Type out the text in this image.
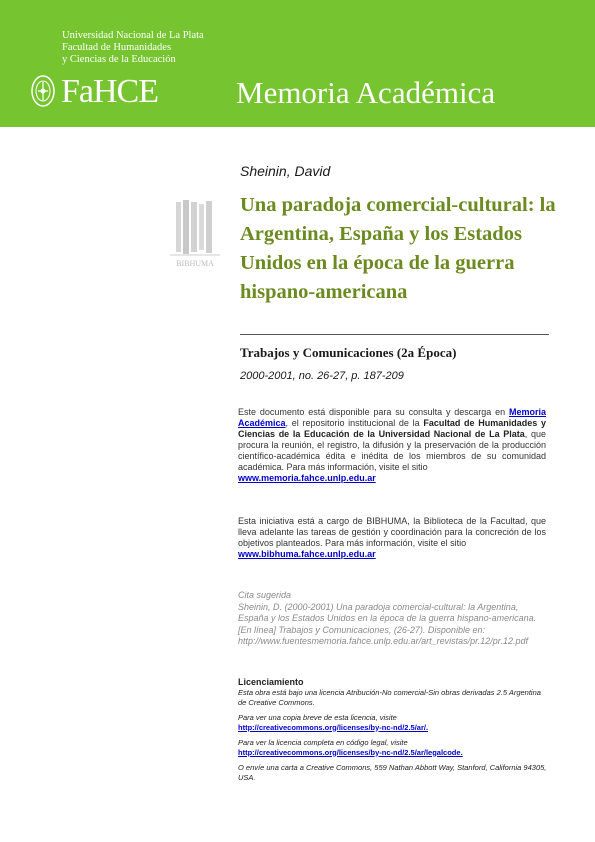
Universidad Nacional de La Plata
Facultad de Humanidades
y Ciencias de la Educación
FaHCE	Memoria Académica
BIBHUMA
Sheinin, David
Una paradoja comercial-cultural: la Argentina, España y los Estados Unidos en la época de la guerra hispano-americana
Trabajos y Comunicaciones (2a Época)
2000-2001, no. 26-27, p. 187-209

Este documento está disponible para su consulta y descarga en Memoria Académica, el repositorio institucional de la Facultad de Humanidades y Ciencias de la Educación de la Universidad Nacional de La Plata, que procura la reunión, el registro, la difusión y la preservación de la producción científico-académica édita e inédita de los miembros de su comunidad académica. Para más información, visite el sitio
www.memoria.fahce.unlp.edu.ar

Esta iniciativa está a cargo de BIBHUMA, la Biblioteca de la Facultad, que lleva adelante las tareas de gestión y coordinación para la concreción de los objetivos planteados. Para más información, visite el sitio
www.bibhuma.fahce.unlp.edu.ar

Cita sugerida
Sheinin, D. (2000-2001) Una paradoja comercial-cultural: la Argentina, España y los Estados Unidos en la época de la guerra hispano-americana. [En línea] Trabajos y Comunicaciones, (26-27). Disponible en: http://www.fuentesmemoria.fahce.unlp.edu.ar/art_revistas/pr.12/pr.12.pdf

Licenciamiento
Esta obra está bajo una licencia Atribución-No comercial-Sin obras derivadas 2.5 Argentina de Creative Commons.
Para ver una copia breve de esta licencia, visite
http://creativecommons.org/licenses/by-nc-nd/2.5/ar/.
Para ver la licencia completa en código legal, visite
http://creativecommons.org/licenses/by-nc-nd/2.5/ar/legalcode.
O envíe una carta a Creative Commons, 559 Nathan Abbott Way, Stanford, California 94305, USA.
